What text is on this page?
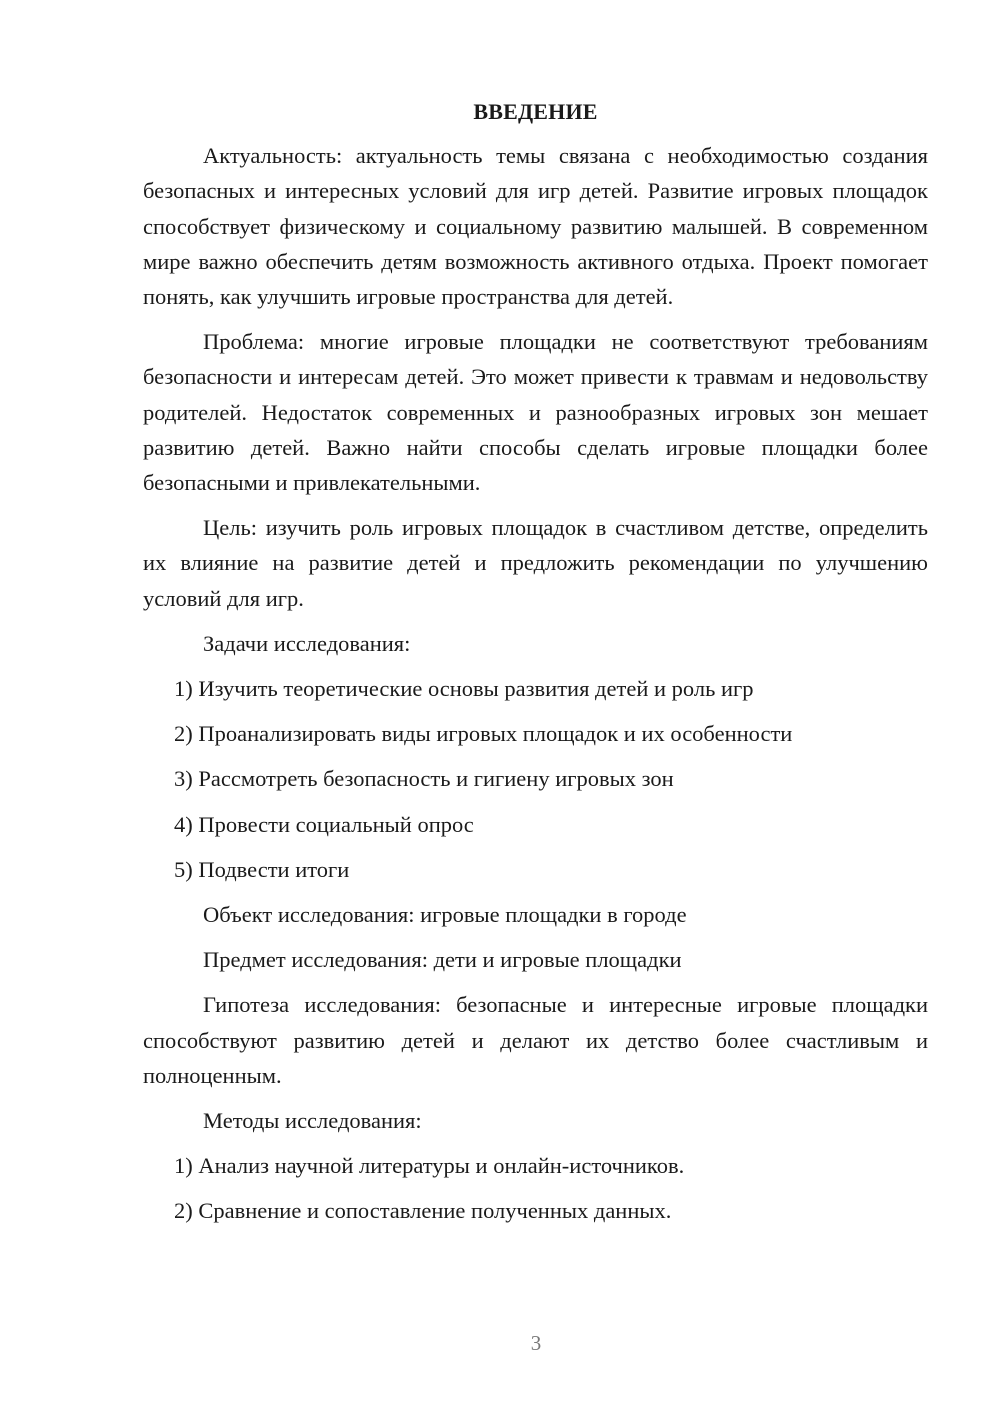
ВВЕДЕНИЕ

Актуальность: актуальность темы связана с необходимостью создания безопасных и интересных условий для игр детей. Развитие игровых площадок способствует физическому и социальному развитию малышей. В современном мире важно обеспечить детям возможность активного отдыха. Проект помогает понять, как улучшить игровые пространства для детей.

Проблема: многие игровые площадки не соответствуют требованиям безопасности и интересам детей. Это может привести к травмам и недовольству родителей. Недостаток современных и разнообразных игровых зон мешает развитию детей. Важно найти способы сделать игровые площадки более безопасными и привлекательными.

Цель: изучить роль игровых площадок в счастливом детстве, определить их влияние на развитие детей и предложить рекомендации по улучшению условий для игр.

Задачи исследования:
1) Изучить теоретические основы развития детей и роль игр
2) Проанализировать виды игровых площадок и их особенности
3) Рассмотреть безопасность и гигиену игровых зон
4) Провести социальный опрос
5) Подвести итоги
Объект исследования: игровые площадки в городе
Предмет исследования: дети и игровые площадки

Гипотеза исследования: безопасные и интересные игровые площадки способствуют развитию детей и делают их детство более счастливым и полноценным.

Методы исследования:
1) Анализ научной литературы и онлайн-источников.
2) Сравнение и сопоставление полученных данных.
3
